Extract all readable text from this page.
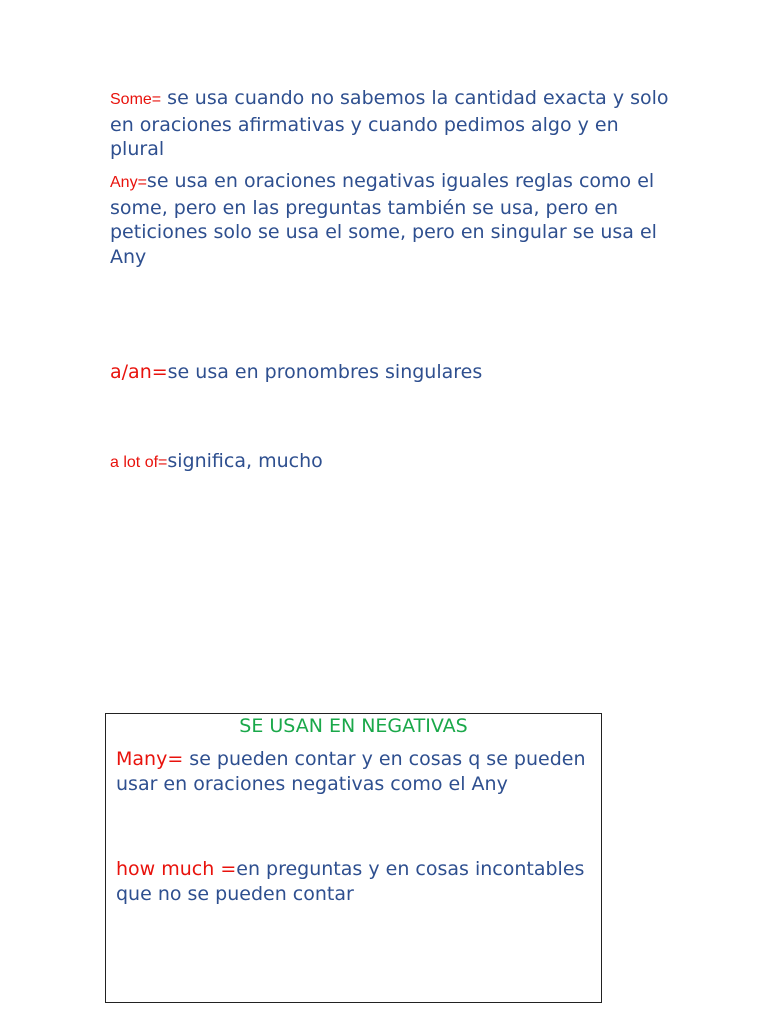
Some= se usa cuando no sabemos la cantidad exacta y solo en oraciones afirmativas y cuando pedimos algo y en plural
Any=se usa en oraciones negativas iguales reglas como el some, pero en las preguntas también se usa, pero en peticiones solo se usa el some, pero en singular se usa el Any
a/an=se usa en pronombres singulares
a lot of=significa, mucho
SE USAN EN NEGATIVAS
Many= se pueden contar y en cosas q se pueden usar en oraciones negativas como el Any
how much =en preguntas y en cosas incontables que no se pueden contar
